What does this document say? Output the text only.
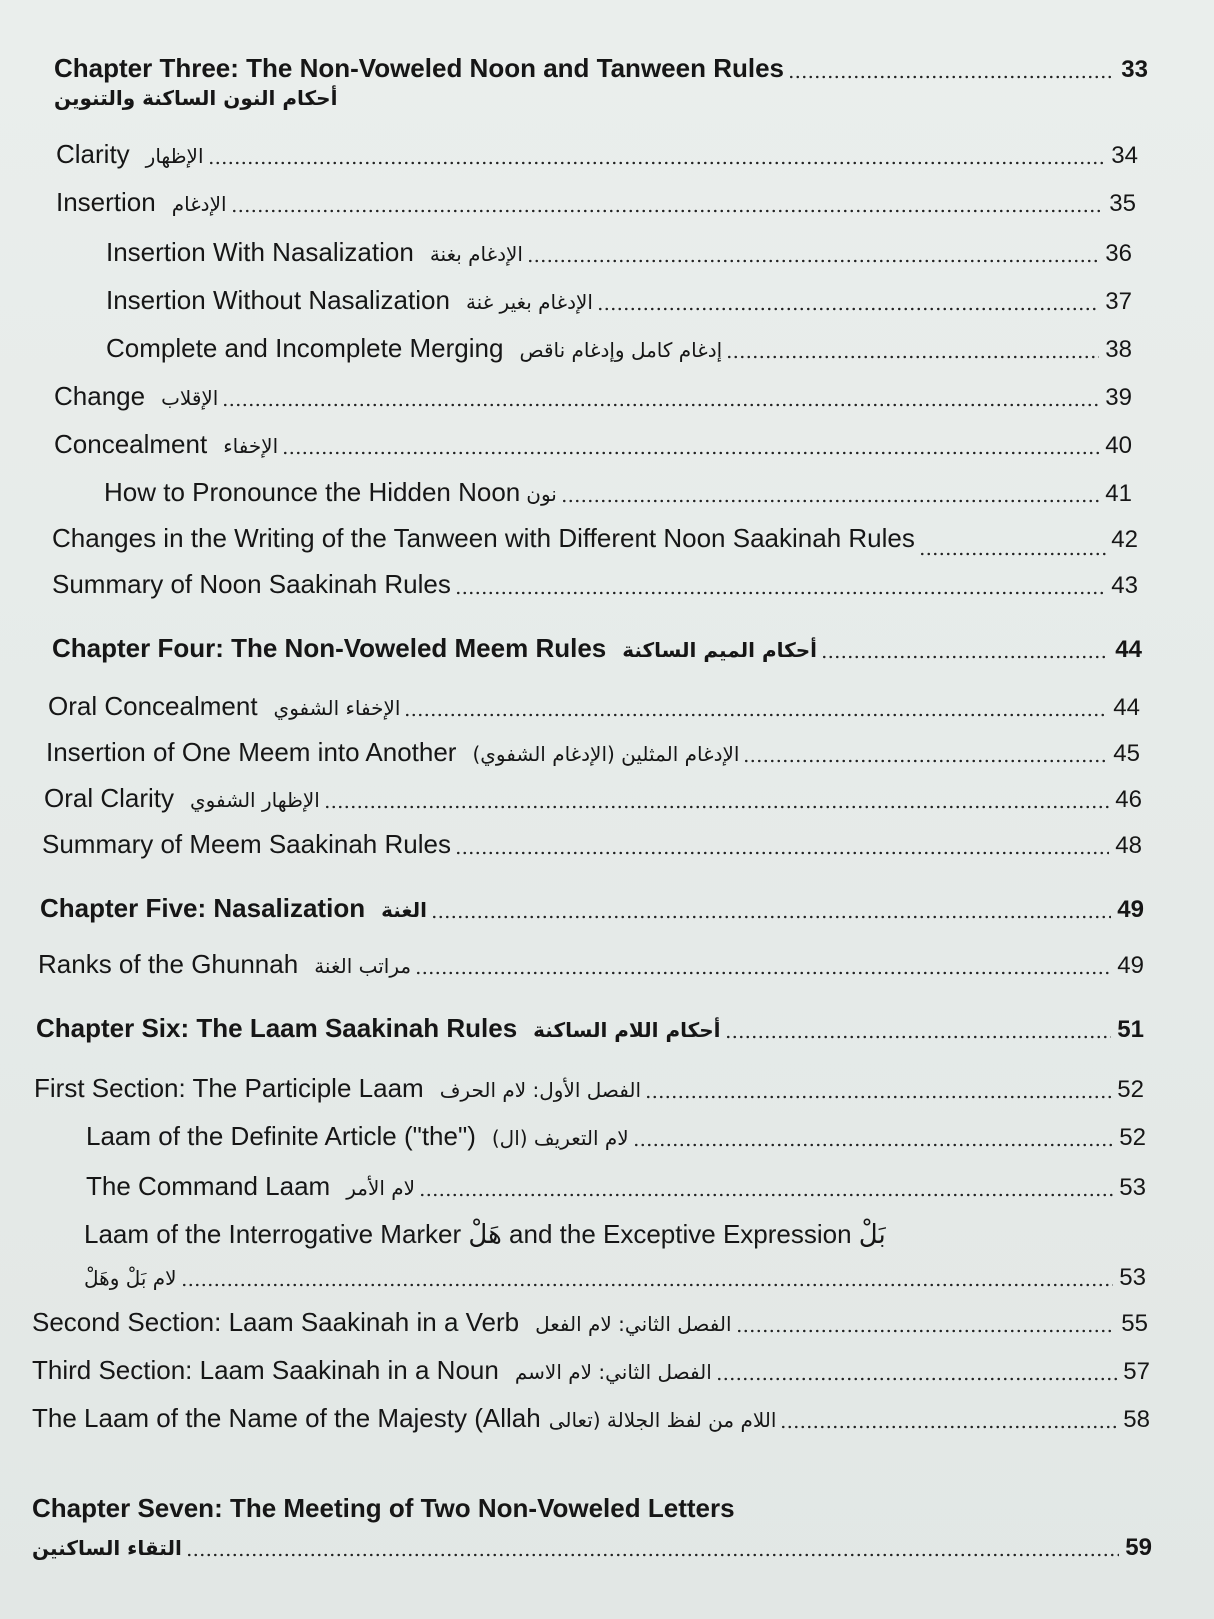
Chapter Three: The Non-Voweled Noon and Tanween Rules	33
أحكام النون الساكنة والتنوين
Clarity الإظهار	34
Insertion الإدغام	35
Insertion With Nasalization الإدغام بغنة	36
Insertion Without Nasalization الإدغام بغير غنة	37
Complete and Incomplete Merging إدغام كامل وإدغام ناقص	38
Change الإقلاب	39
Concealment الإخفاء	40
How to Pronounce the Hidden Noon نون	41
Changes in the Writing of the Tanween with Different Noon Saakinah Rules	42
Summary of Noon Saakinah Rules	43
Chapter Four: The Non-Voweled Meem Rules أحكام الميم الساكنة	44
Oral Concealment الإخفاء الشفوي	44
Insertion of One Meem into Another الإدغام المثلين (الإدغام الشفوي)	45
Oral Clarity الإظهار الشفوي	46
Summary of Meem Saakinah Rules	48
Chapter Five: Nasalization الغنة	49
Ranks of the Ghunnah مراتب الغنة	49
Chapter Six: The Laam Saakinah Rules أحكام اللام الساكنة	51
First Section: The Participle Laam الفصل الأول: لام الحرف	52
Laam of the Definite Article ("the") لام التعريف (ال)	52
The Command Laam لام الأمر	53
Laam of the Interrogative Marker هَلْ and the Exceptive Expression بَلْ
لام بَلْ وهَلْ	53
Second Section: Laam Saakinah in a Verb الفصل الثاني: لام الفعل	55
Third Section: Laam Saakinah in a Noun الفصل الثاني: لام الاسم	57
The Laam of the Name of the Majesty (Allah اللام من لفظ الجلالة (تعالى	58
Chapter Seven: The Meeting of Two Non-Voweled Letters
التقاء الساكنين	59
